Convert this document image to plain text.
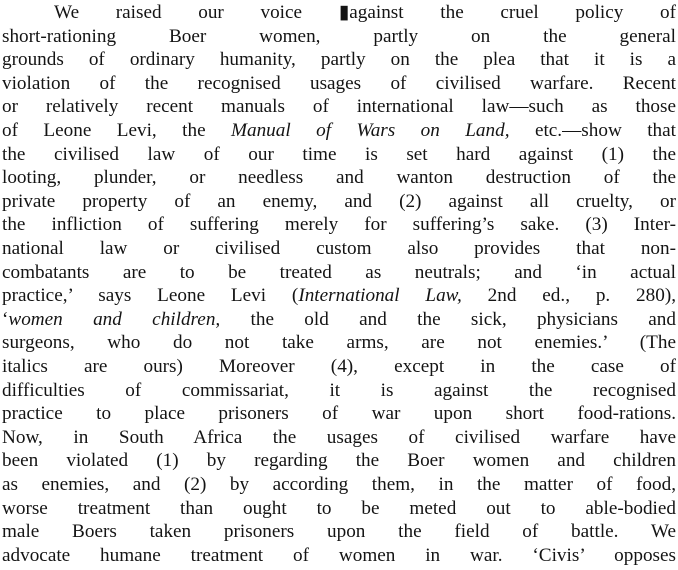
We raised our voice ▮against the cruel policy of
short-rationing Boer women, partly on the general
grounds of ordinary humanity, partly on the plea that it is a
violation of the recognised usages of civilised warfare. Recent
or relatively recent manuals of international law—such as those
of Leone Levi, the Manual of Wars on Land, etc.—show that
the civilised law of our time is set hard against (1) the
looting, plunder, or needless and wanton destruction of the
private property of an enemy, and (2) against all cruelty, or
the infliction of suffering merely for suffering’s sake. (3) Inter-
national law or civilised custom also provides that non-
combatants are to be treated as neutrals; and ‘in actual
practice,’ says Leone Levi (International Law, 2nd ed., p. 280),
‘women and children, the old and the sick, physicians and
surgeons, who do not take arms, are not enemies.’ (The
italics are ours) Moreover (4), except in the case of
difficulties of commissariat, it is against the recognised
practice to place prisoners of war upon short food-rations.
Now, in South Africa the usages of civilised warfare have
been violated (1) by regarding the Boer women and children
as enemies, and (2) by according them, in the matter of food,
worse treatment than ought to be meted out to able-bodied
male Boers taken prisoners upon the field of battle. We
advocate humane treatment of women in war. ‘Civis’ opposes
